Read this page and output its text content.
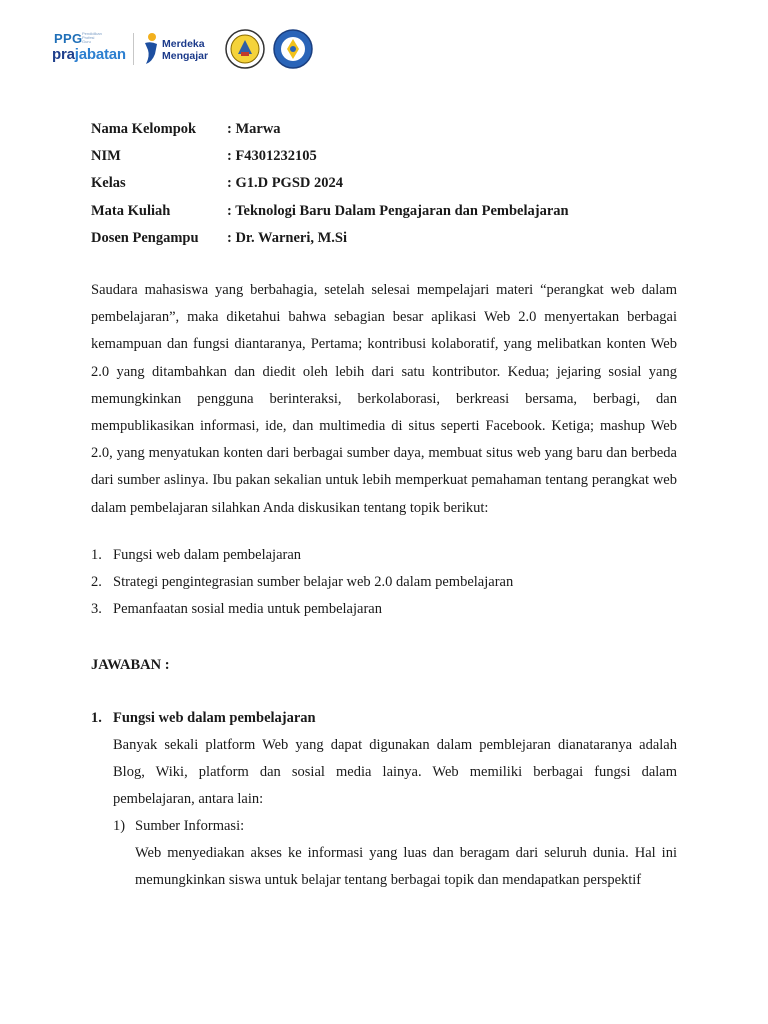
PPG Pendidikan Profesi Guru
prajabatan
Merdeka
Mengajar
Nama Kelompok	: Marwa
NIM	: F4301232105
Kelas	: G1.D PGSD 2024
Mata Kuliah	: Teknologi Baru Dalam Pengajaran dan Pembelajaran
Dosen Pengampu	: Dr. Warneri, M.Si
Saudara mahasiswa yang berbahagia, setelah selesai mempelajari materi “perangkat web dalam pembelajaran”, maka diketahui bahwa sebagian besar aplikasi Web 2.0 menyertakan berbagai kemampuan dan fungsi diantaranya, Pertama; kontribusi kolaboratif, yang melibatkan konten Web 2.0 yang ditambahkan dan diedit oleh lebih dari satu kontributor. Kedua; jejaring sosial yang memungkinkan pengguna berinteraksi, berkolaborasi, berkreasi bersama, berbagi, dan mempublikasikan informasi, ide, dan multimedia di situs seperti Facebook. Ketiga; mashup Web 2.0, yang menyatukan konten dari berbagai sumber daya, membuat situs web yang baru dan berbeda dari sumber aslinya. Ibu pakan sekalian untuk lebih memperkuat pemahaman tentang perangkat web dalam pembelajaran silahkan Anda diskusikan tentang topik berikut:
1. Fungsi web dalam pembelajaran
2. Strategi pengintegrasian sumber belajar web 2.0 dalam pembelajaran
3. Pemanfaatan sosial media untuk pembelajaran
JAWABAN :
1. Fungsi web dalam pembelajaran
Banyak sekali platform Web yang dapat digunakan dalam pemblejaran dianataranya adalah Blog, Wiki, platform dan sosial media lainya. Web memiliki berbagai fungsi dalam pembelajaran, antara lain:
1) Sumber Informasi:
Web menyediakan akses ke informasi yang luas dan beragam dari seluruh dunia. Hal ini memungkinkan siswa untuk belajar tentang berbagai topik dan mendapatkan perspektif
